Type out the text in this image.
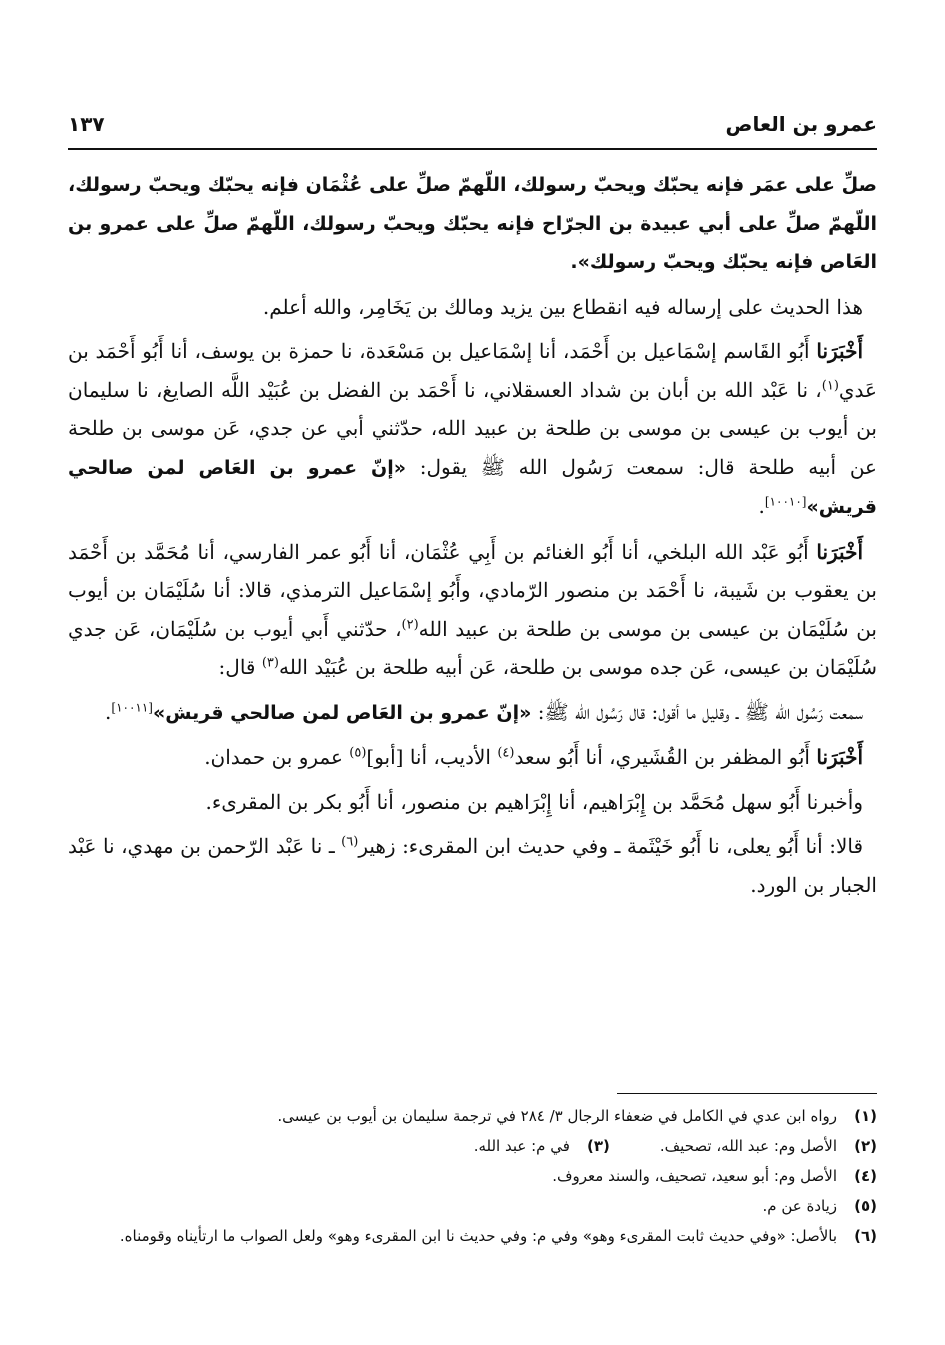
عمرو بن العاص
١٣٧

صلِّ على عمَر فإنه يحبّك ويحبّ رسولك، اللّهمّ صلِّ على عُثْمَان فإنه يحبّك ويحبّ رسولك، اللّهمّ صلِّ على أبي عبيدة بن الجرّاح فإنه يحبّك ويحبّ رسولك، اللّهمّ صلِّ على عمرو بن العَاص فإنه يحبّك ويحبّ رسولك».

هذا الحديث على إرساله فيه انقطاع بين يزيد ومالك بن يَخَامِر، والله أعلم.

أَخْبَرَنا أَبُو القَاسم إسْمَاعيل بن أَحْمَد، أنا إسْمَاعيل بن مَسْعَدة، نا حمزة بن يوسف، أنا أَبُو أَحْمَد بن عَدي$^{(١)}$، نا عَبْد الله بن أبان بن شداد العسقلاني، نا أَحْمَد بن الفضل بن عُبَيْد اللَّه الصايغ، نا سليمان بن أيوب بن عيسى بن موسى بن طلحة بن عبيد الله، حدّثني أبي عن جدي، عَن موسى بن طلحة عن أبيه طلحة قال: سمعت رَسُول الله ﷺ يقول: «إنّ عمرو بن العَاص لمن صالحي قريش»[١٠٠١٠].

أَخْبَرَنا أَبُو عَبْد الله البلخي، أنا أَبُو الغنائم بن أَبِي عُثْمَان، أنا أَبُو عمر الفارسي، أنا مُحَمَّد بن أَحْمَد بن يعقوب بن شَيبة، نا أَحْمَد بن منصور الرّمادي، وأَبُو إسْمَاعيل الترمذي، قالا: أنا سُلَيْمَان بن أيوب بن سُلَيْمَان بن عيسى بن موسى بن طلحة بن عبيد الله$^{(٢)}$، حدّثني أَبي أيوب بن سُلَيْمَان، عَن جدي سُلَيْمَان بن عيسى، عَن جده موسى بن طلحة، عَن أبيه طلحة بن عُبَيْد الله$^{(٣)}$ قال:

سمعت رَسُول الله ﷺ ـ وقليل ما أقول: قال رَسُول الله ﷺ: «إنّ عمرو بن العَاص لمن صالحي قريش»[١٠٠١١].

أَخْبَرَنا أَبُو المظفر بن القُشَيري، أنا أَبُو سعد$^{(٤)}$ الأديب، أنا [أبو]$^{(٥)}$ عمرو بن حمدان.

وأخبرنا أَبُو سهل مُحَمَّد بن إِبْرَاهيم، أنا إِبْرَاهيم بن منصور، أنا أَبُو بكر بن المقرىء.

قالا: أنا أَبُو يعلى، نا أَبُو خَيْثَمة ـ وفي حديث ابن المقرىء: زهير$^{(٦)}$ ـ نا عَبْد الرّحمن بن مهدي، نا عَبْد الجبار بن الورد.

(١)
رواه ابن عدي في الكامل في ضعفاء الرجال ٣/ ٢٨٤ في ترجمة سليمان بن أيوب بن عيسى.
(٢)
الأصل وم: عبد الله، تصحيف.
(٣)
في م: عبد الله.
(٤)
الأصل وم: أبو سعيد، تصحيف، والسند معروف.
(٥)
زيادة عن م.
(٦)
بالأصل: «وفي حديث ثابت المقرىء وهو» وفي م: وفي حديث نا ابن المقرىء وهو» ولعل الصواب ما ارتأيناه وقومناه.
